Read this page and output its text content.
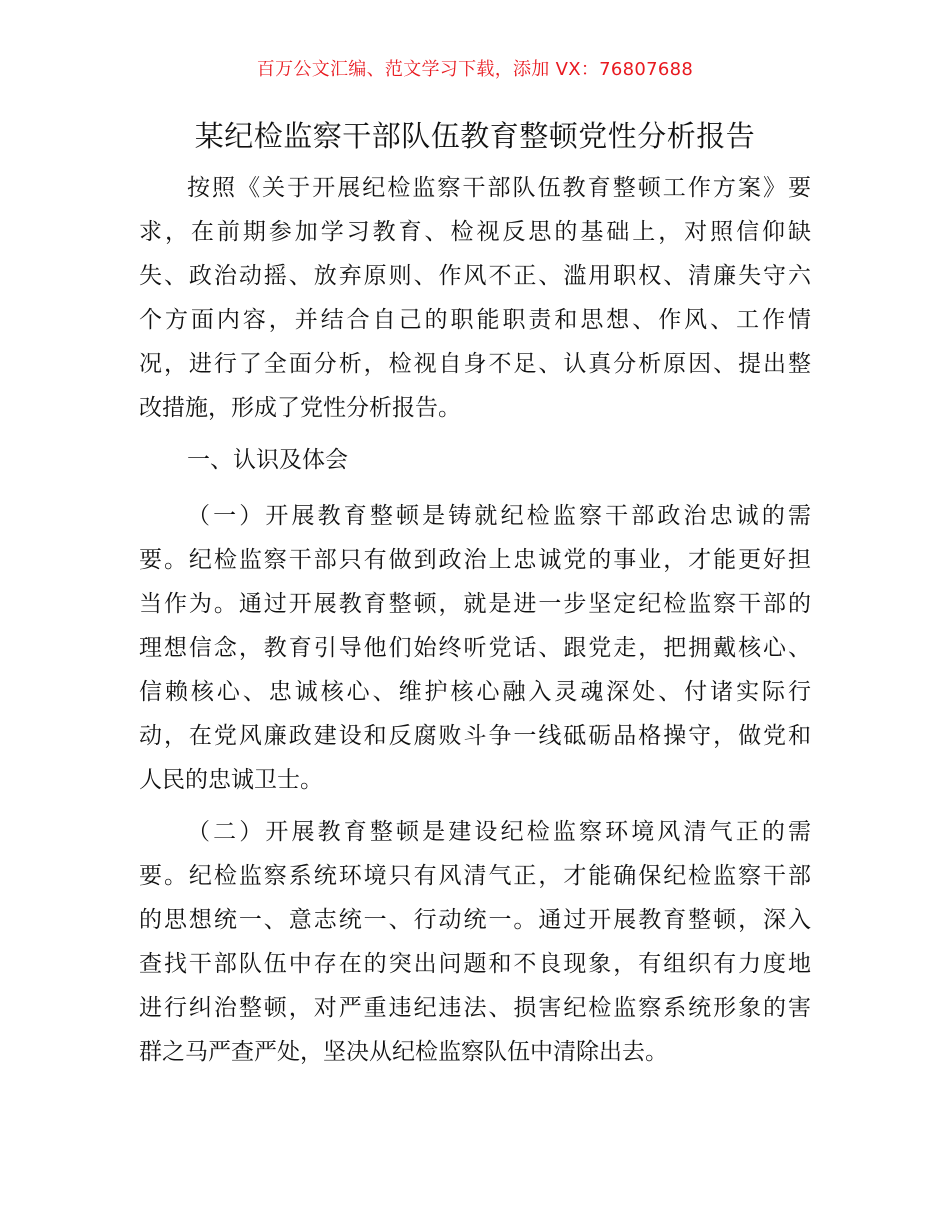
百万公文汇编、范文学习下载，添加 VX：76807688
某纪检监察干部队伍教育整顿党性分析报告
按照《关于开展纪检监察干部队伍教育整顿工作方案》要
求，在前期参加学习教育、检视反思的基础上，对照信仰缺
失、政治动摇、放弃原则、作风不正、滥用职权、清廉失守六
个方面内容，并结合自己的职能职责和思想、作风、工作情
况，进行了全面分析，检视自身不足、认真分析原因、提出整
改措施，形成了党性分析报告。
一、认识及体会
（一）开展教育整顿是铸就纪检监察干部政治忠诚的需
要。纪检监察干部只有做到政治上忠诚党的事业，才能更好担
当作为。通过开展教育整顿，就是进一步坚定纪检监察干部的
理想信念，教育引导他们始终听党话、跟党走，把拥戴核心、
信赖核心、忠诚核心、维护核心融入灵魂深处、付诸实际行
动，在党风廉政建设和反腐败斗争一线砥砺品格操守，做党和
人民的忠诚卫士。
（二）开展教育整顿是建设纪检监察环境风清气正的需
要。纪检监察系统环境只有风清气正，才能确保纪检监察干部
的思想统一、意志统一、行动统一。通过开展教育整顿，深入
查找干部队伍中存在的突出问题和不良现象，有组织有力度地
进行纠治整顿，对严重违纪违法、损害纪检监察系统形象的害
群之马严查严处，坚决从纪检监察队伍中清除出去。
